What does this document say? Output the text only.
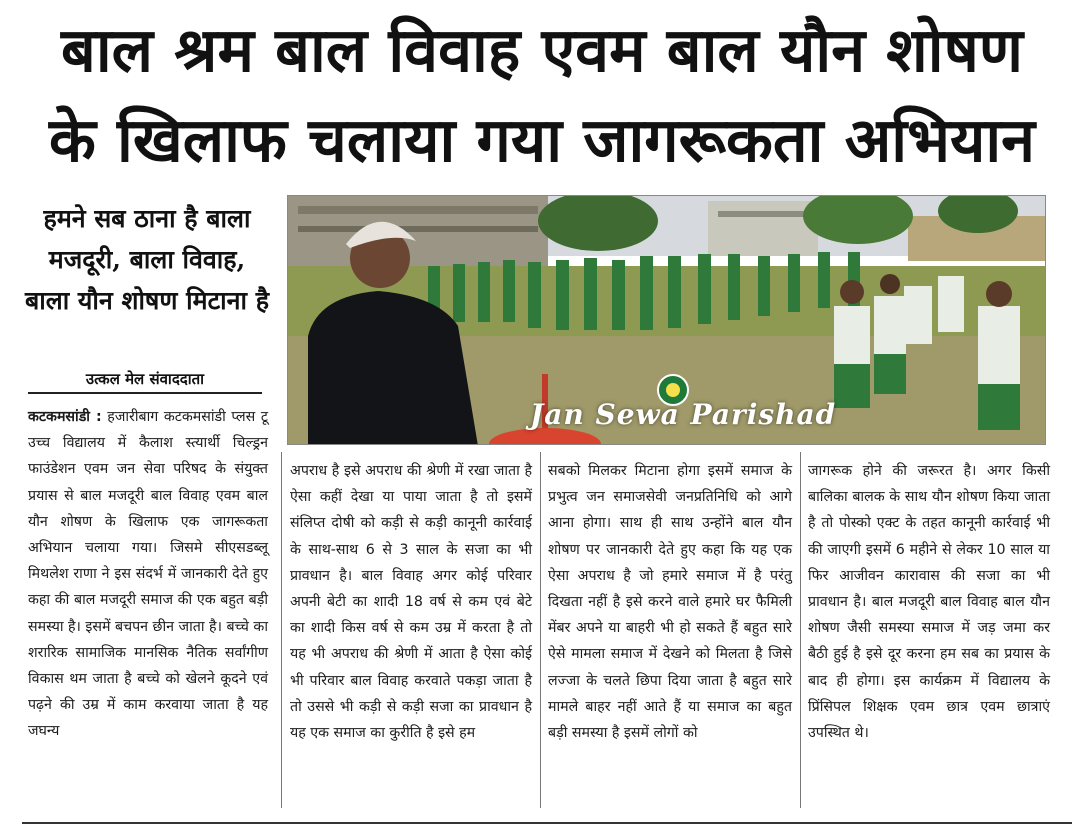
बाल श्रम बाल विवाह एवम बाल यौन शोषण
के खिलाफ चलाया गया जागरूकता अभियान
हमने सब ठाना है बाला मजदूरी, बाला विवाह, बाला यौन शोषण मिटाना है
उत्कल मेल संवाददाता
Jan Sewa Parishad
कटकमसांडी : हजारीबाग कटकमसांडी प्लस टू उच्च विद्यालय में कैलाश स्त्यार्थी चिल्ड्रन फाउंडेशन एवम जन सेवा परिषद के संयुक्त प्रयास से बाल मजदूरी बाल विवाह एवम बाल यौन शोषण के खिलाफ एक जागरूकता अभियान चलाया गया। जिसमे सीएसडब्लू मिथलेश राणा ने इस संदर्भ में जानकारी देते हुए कहा की बाल मजदूरी समाज की एक बहुत बड़ी समस्या है। इसमें बचपन छीन जाता है। बच्चे का शरारिक सामाजिक मानसिक नैतिक सर्वांगीण विकास थम जाता है बच्चे को खेलने कूदने एवं पढ़ने की उम्र में काम करवाया जाता है यह जघन्य
अपराध है इसे अपराध की श्रेणी में रखा जाता है ऐसा कहीं देखा या पाया जाता है तो इसमें संलिप्त दोषी को कड़ी से कड़ी कानूनी कार्रवाई के साथ-साथ 6 से 3 साल के सजा का भी प्रावधान है। बाल विवाह अगर कोई परिवार अपनी बेटी का शादी 18 वर्ष से कम एवं बेटे का शादी किस वर्ष से कम उम्र में करता है तो यह भी अपराध की श्रेणी में आता है ऐसा कोई भी परिवार बाल विवाह करवाते पकड़ा जाता है तो उससे भी कड़ी से कड़ी सजा का प्रावधान है यह एक समाज का कुरीति है इसे हम
सबको मिलकर मिटाना होगा इसमें समाज के प्रभुत्व जन समाजसेवी जनप्रतिनिधि को आगे आना होगा। साथ ही साथ उन्होंने बाल यौन शोषण पर जानकारी देते हुए कहा कि यह एक ऐसा अपराध है जो हमारे समाज में है परंतु दिखता नहीं है इसे करने वाले हमारे घर फैमिली मेंबर अपने या बाहरी भी हो सकते हैं बहुत सारे ऐसे मामला समाज में देखने को मिलता है जिसे लज्जा के चलते छिपा दिया जाता है बहुत सारे मामले बाहर नहीं आते हैं या समाज का बहुत बड़ी समस्या है इसमें लोगों को
जागरूक होने की जरूरत है। अगर किसी बालिका बालक के साथ यौन शोषण किया जाता है तो पोस्को एक्ट के तहत कानूनी कार्रवाई भी की जाएगी इसमें 6 महीने से लेकर 10 साल या फिर आजीवन कारावास की सजा का भी प्रावधान है। बाल मजदूरी बाल विवाह बाल यौन शोषण जैसी समस्या समाज में जड़ जमा कर बैठी हुई है इसे दूर करना हम सब का प्रयास के बाद ही होगा। इस कार्यक्रम में विद्यालय के प्रिंसिपल शिक्षक एवम छात्र एवम छात्राएं उपस्थित थे।
